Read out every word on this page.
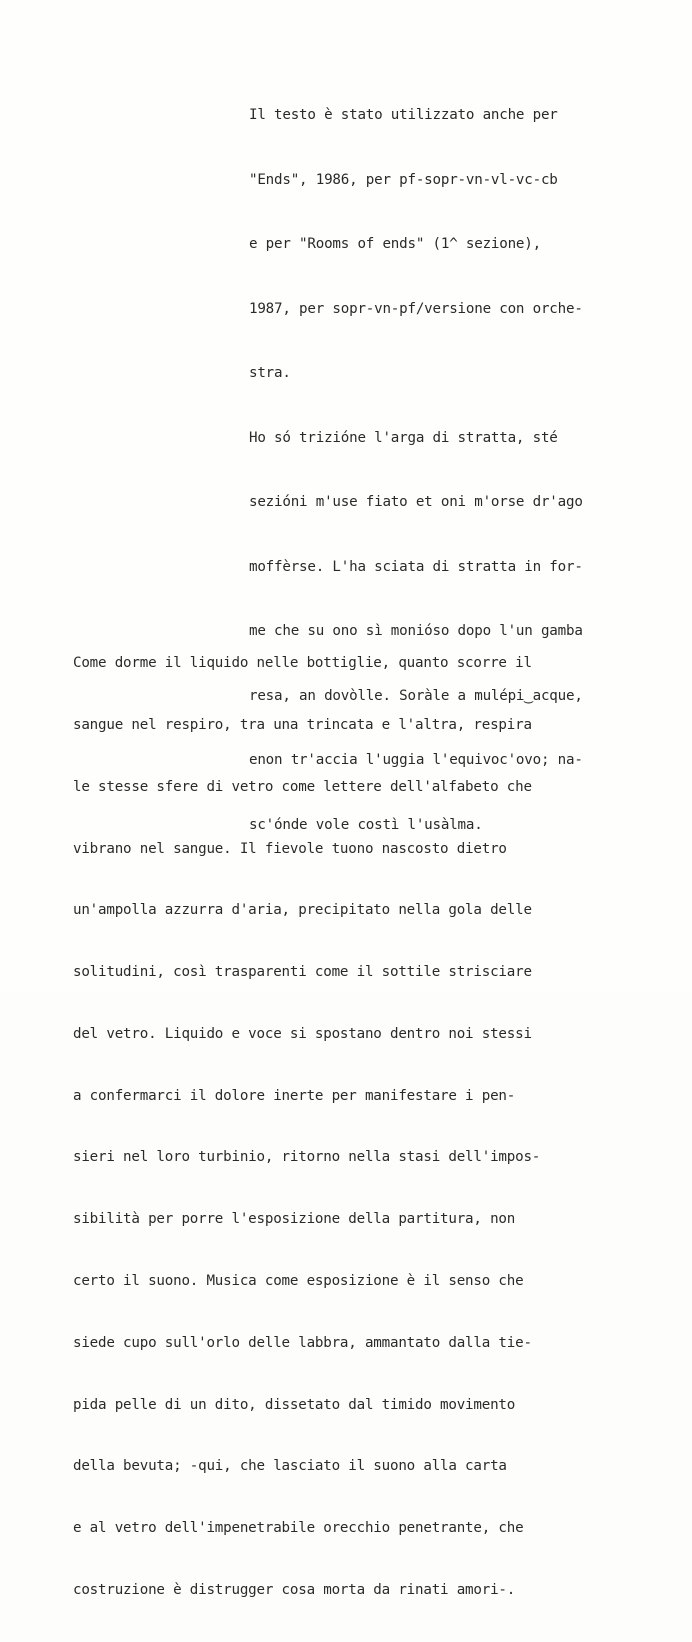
Il testo è stato utilizzato anche per

"Ends", 1986, per pf-sopr-vn-vl-vc-cb

e per "Rooms of ends" (1^ sezione),

1987, per sopr-vn-pf/versione con orche-

stra.

Ho só trizióne l'arga di stratta, sté

sezióni m'use fiato et oni m'orse dr'ago

moffèrse. L'ha sciata di stratta in for-

me che su ono sì monióso dopo l'un gamba

resa, an dovòlle. Soràle a mulépi‿acque,

enon tr'accia l'uggia l'equivoc'ovo; na-

sc'ónde vole costì l'usàlma.

Come dorme il liquido nelle bottiglie, quanto scorre il

sangue nel respiro, tra una trincata e l'altra, respira

le stesse sfere di vetro come lettere dell'alfabeto che

vibrano nel sangue. Il fievole tuono nascosto dietro

un'ampolla azzurra d'aria, precipitato nella gola delle

solitudini, così trasparenti come il sottile strisciare

del vetro. Liquido e voce si spostano dentro noi stessi

a confermarci il dolore inerte per manifestare i pen-

sieri nel loro turbinio, ritorno nella stasi dell'impos-

sibilità per porre l'esposizione della partitura, non

certo il suono. Musica come esposizione è il senso che

siede cupo sull'orlo delle labbra, ammantato dalla tie-

pida pelle di un dito, dissetato dal timido movimento

della bevuta; -qui, che lasciato il suono alla carta

e al vetro dell'impenetrabile orecchio penetrante, che

costruzione è distrugger cosa morta da rinati amori-.
